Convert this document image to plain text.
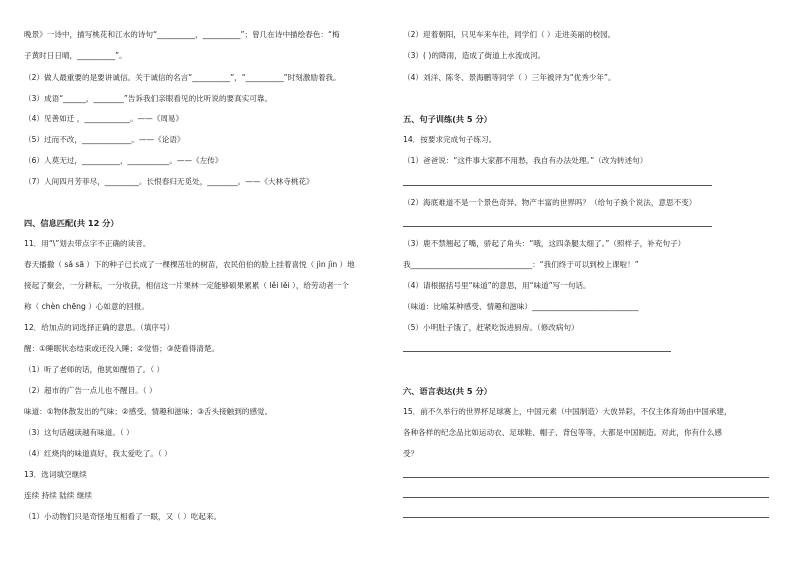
晚景》一诗中，描写桃花和江水的诗句“__________，__________”；曾几在诗中描绘春色：“梅
子黄时日日晴，__________”。
（2）做人最重要的是要讲诚信。关于诚信的名言“__________”，“__________”时刻激励着我。
（3）成语“______，________”告诉我们亲眼看见的比听说的要真实可靠。
（4）见善如迁 ，____________。——《周易》
（5）过而不改，_____________。——《论语》
（6）人莫无过，__________，___________。——《左传》
（7）人间四月芳菲尽，_________。长恨春归无觅处，________。——《大林寺桃花》
四、信息匹配(共 12 分）
11．用“\”划去带点字不正确的读音。
春天播撒（ sǎ sā ）下的种子已长成了一棵棵茁壮的树苗，农民伯伯的脸上挂着喜悦（ jìn jìn ）地
接起了聚会，一分耕耘，一分收获，相信这一片果林一定能够硕果累累（ lěi lěi ），给劳动者一个
称（ chèn chēng ）心如意的回报。
12．给加点的词选择正确的意思。（填序号）
醒：①睡眠状态结束或还没入睡；②觉悟；③使看得清楚。
（1）听了老师的话，他犹如醒悟了。（ ）
（2）超市的广告一点儿也不醒目。（ ）
味道：①物体散发出的气味；②感受、情趣和滋味；③舌头接触到的感觉。
（3）这句话越读越有味道。（ ）
（4）红烧肉的味道真好，我太爱吃了。（ ）
13．选词填空继续
连续 持续 陆续 继续
（1）小动物们只是奇怪地互相看了一眼，又（ ）吃起来。
（2）迎着朝阳，只见车来车往，同学们（ ）走进美丽的校园。
（3）( )的降雨，造成了街道上水流成河。
（4）刘洋、陈冬、景海鹏等同学（ ）三年被评为“优秀少年”。
五、句子训练(共 5 分）
14．按要求完成句子练习。
（1）爸爸说：“这件事大家都不用愁，我自有办法处理。”（改为转述句）
（2）海底难道不是一个景色奇异、物产丰富的世界吗？（给句子换个说法，意思不变）
（3）鹿不禁翘起了嘴，骄起了角头：“哦，这四条腿太细了。”（照样子，补充句子）
我________________________________：“我们终于可以到校上课啦！”
（4）请根据括号里“味道”的意思，用“味道”写一句话。
（味道：比喻某种感受、情趣和滋味）____________________________
（5）小明肚子饿了，赶紧吃饭进厨房。（修改病句）
六、语言表达(共 5 分）
15．前不久举行的世界杯足球赛上，中国元素（中国制造）大放异彩，不仅主体育场由中国承建，
各种各样的纪念品比如运动衣、足球鞋、帽子、背包等等，大都是中国制造。对此，你有什么感
受？
